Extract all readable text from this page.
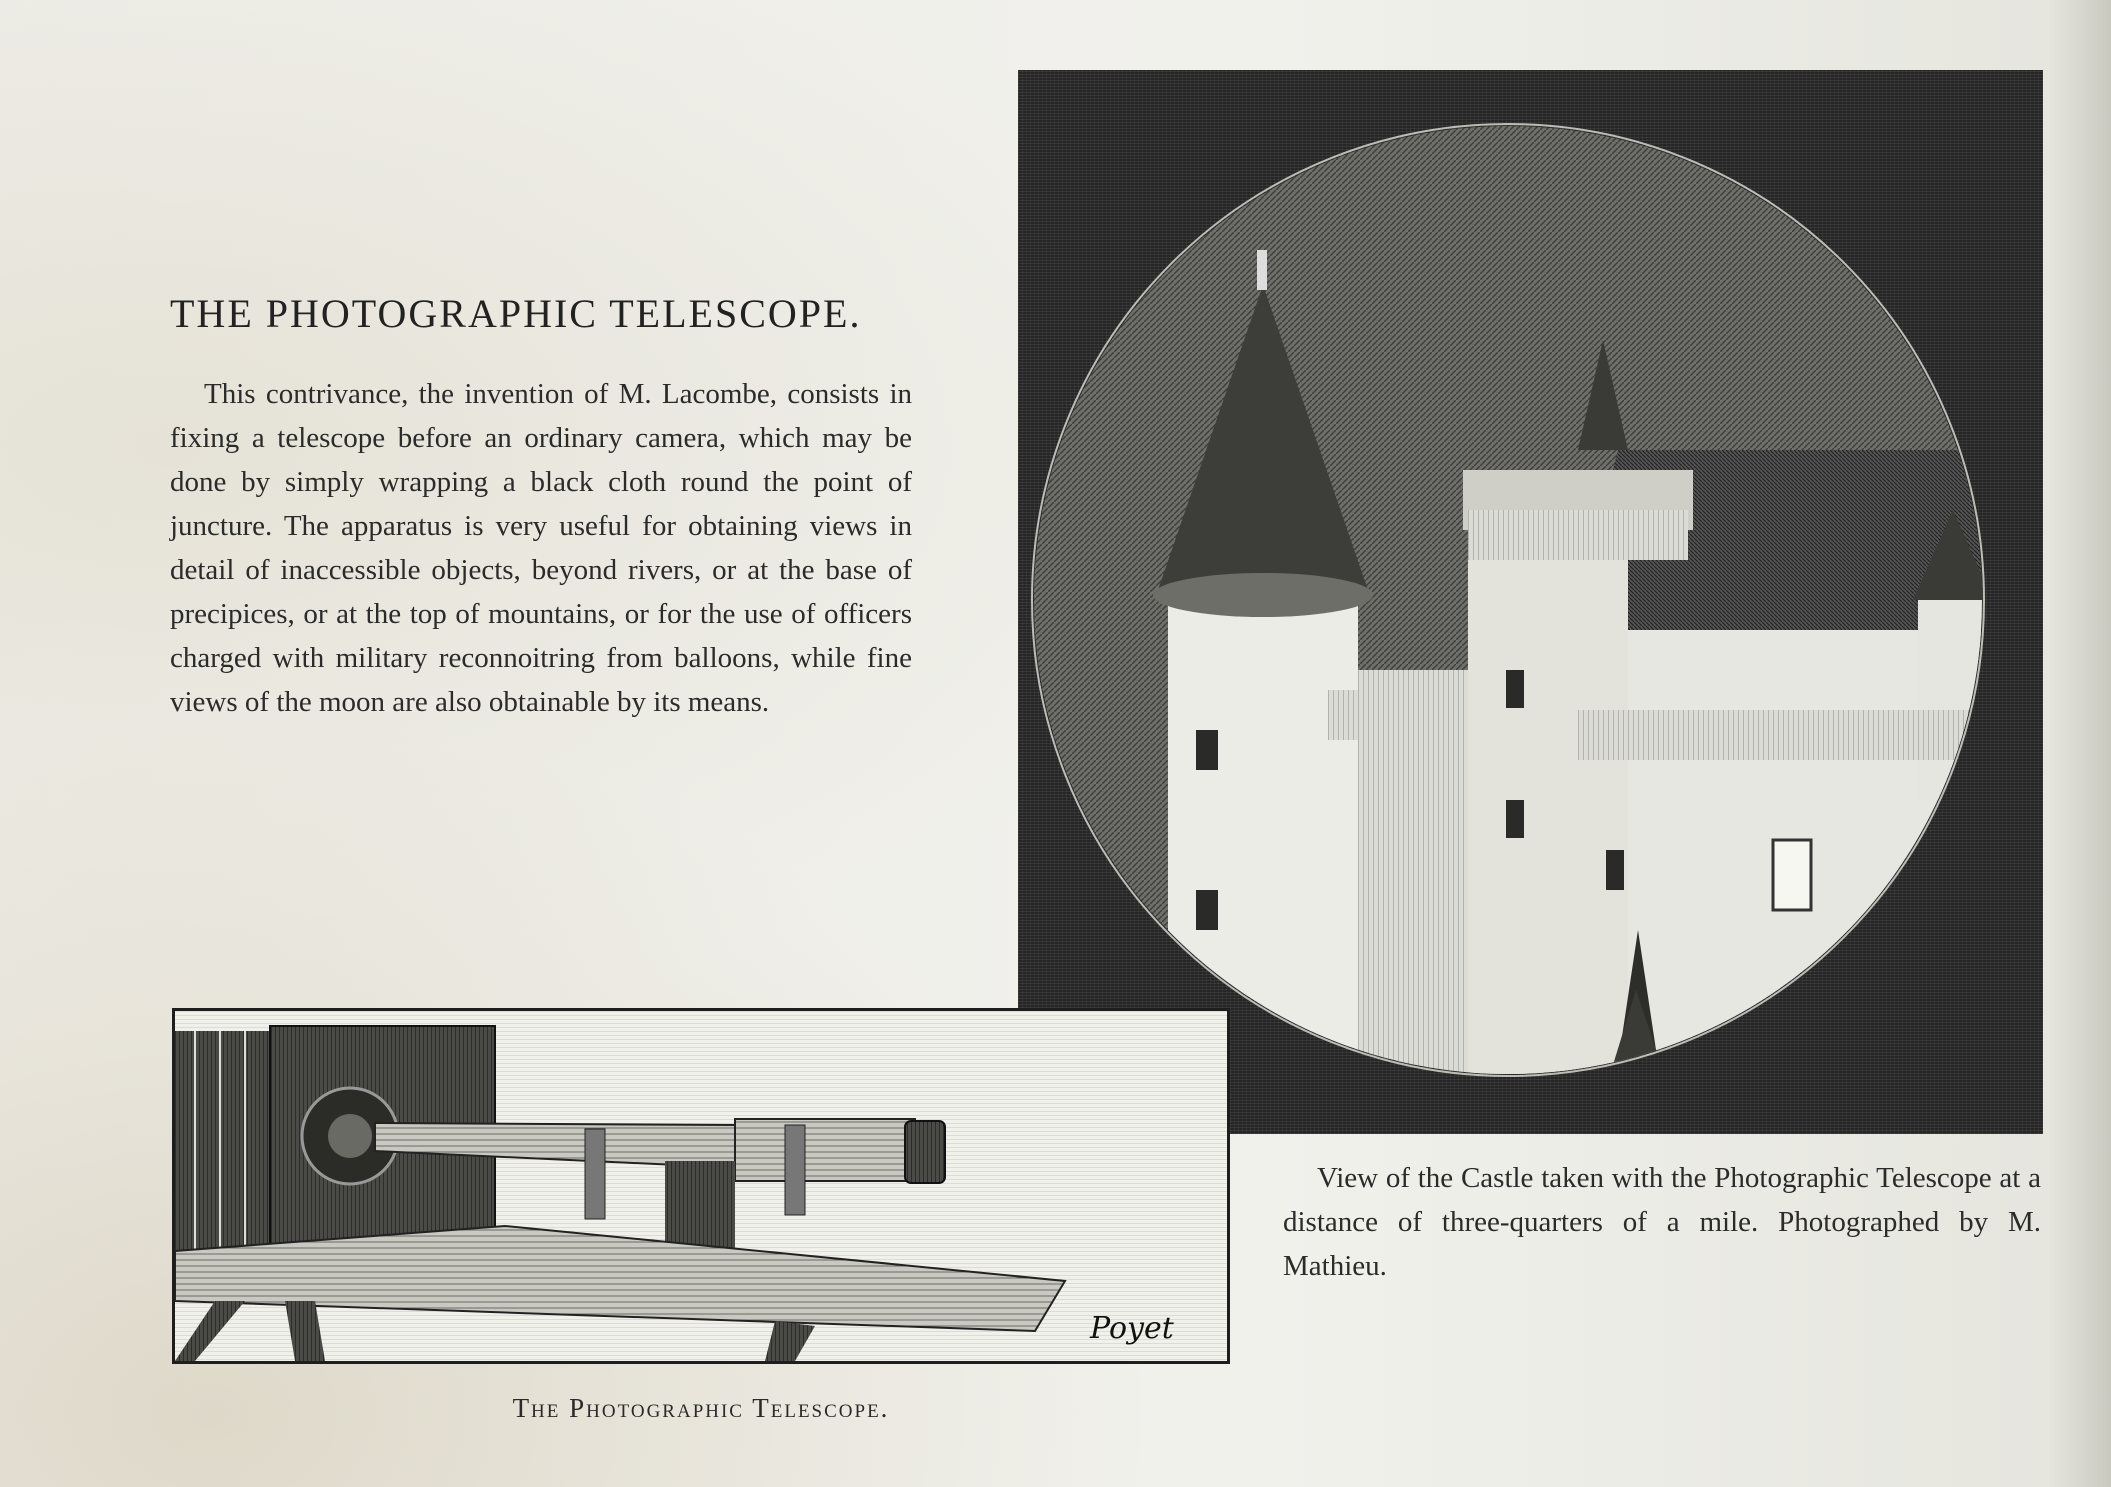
THE PHOTOGRAPHIC TELESCOPE.
This contrivance, the invention of M. Lacombe, consists in fixing a telescope before an ordinary camera, which may be done by simply wrapping a black cloth round the point of juncture. The apparatus is very useful for obtaining views in detail of inaccessible objects, beyond rivers, or at the base of precipices, or at the top of mountains, or for the use of officers charged with military reconnoitring from balloons, while fine views of the moon are also obtainable by its means.
View of the Castle taken with the Photographic Telescope at a distance of three-quarters of a mile. Photographed by M. Mathieu.
Poyet
The Photographic Telescope.
